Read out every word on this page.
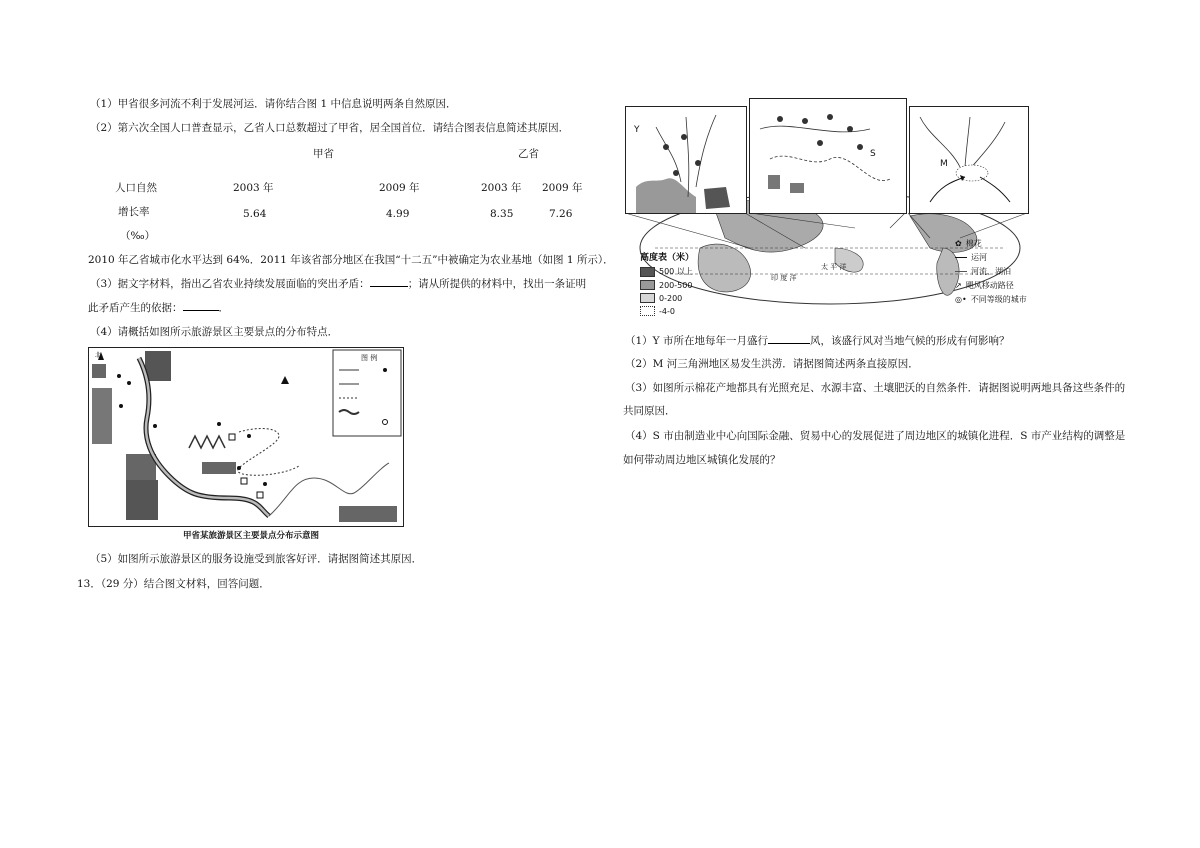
（1）甲省很多河流不利于发展河运．请你结合图 1 中信息说明两条自然原因．
（2）第六次全国人口普查显示，乙省人口总数超过了甲省，居全国首位．请结合图表信息简述其原因．
甲省	乙省
人口自然
增长率
（‰）
2003 年	2009 年	2003 年 2009 年
5.64	4.99	8.35	7.26
2010 年乙省城市化水平达到 64%．2011 年该省部分地区在我国“十二五”中被确定为农业基地（如图 1 所示）．
（3）据文字材料，指出乙省农业持续发展面临的突出矛盾：	；请从所提供的材料中，找出一条证明
此矛盾产生的依据：	．
（4）请概括如图所示旅游景区主要景点的分布特点．
北	图 例
甲省某旅游景区主要景点分布示意图
（5）如图所示旅游景区的服务设施受到旅客好评．请据图简述其原因．
13．（29 分）结合图文材料，回答问题．
Y
S
M
印 度 洋
太 平 洋
✿ 棉花
运河
河流、湖泊
↗ 飓风移动路径
◎• 不同等级的城市
高度表（米）
500 以上
200-500
0-200
-4-0
（1）Y 市所在地每年一月盛行	风，该盛行风对当地气候的形成有何影响？
（2）M 河三角洲地区易发生洪涝．请据图简述两条直接原因．
（3）如图所示棉花产地都具有光照充足、水源丰富、土壤肥沃的自然条件．请据图说明两地具备这些条件的
共同原因．
（4）S 市由制造业中心向国际金融、贸易中心的发展促进了周边地区的城镇化进程．S 市产业结构的调整是
如何带动周边地区城镇化发展的？
